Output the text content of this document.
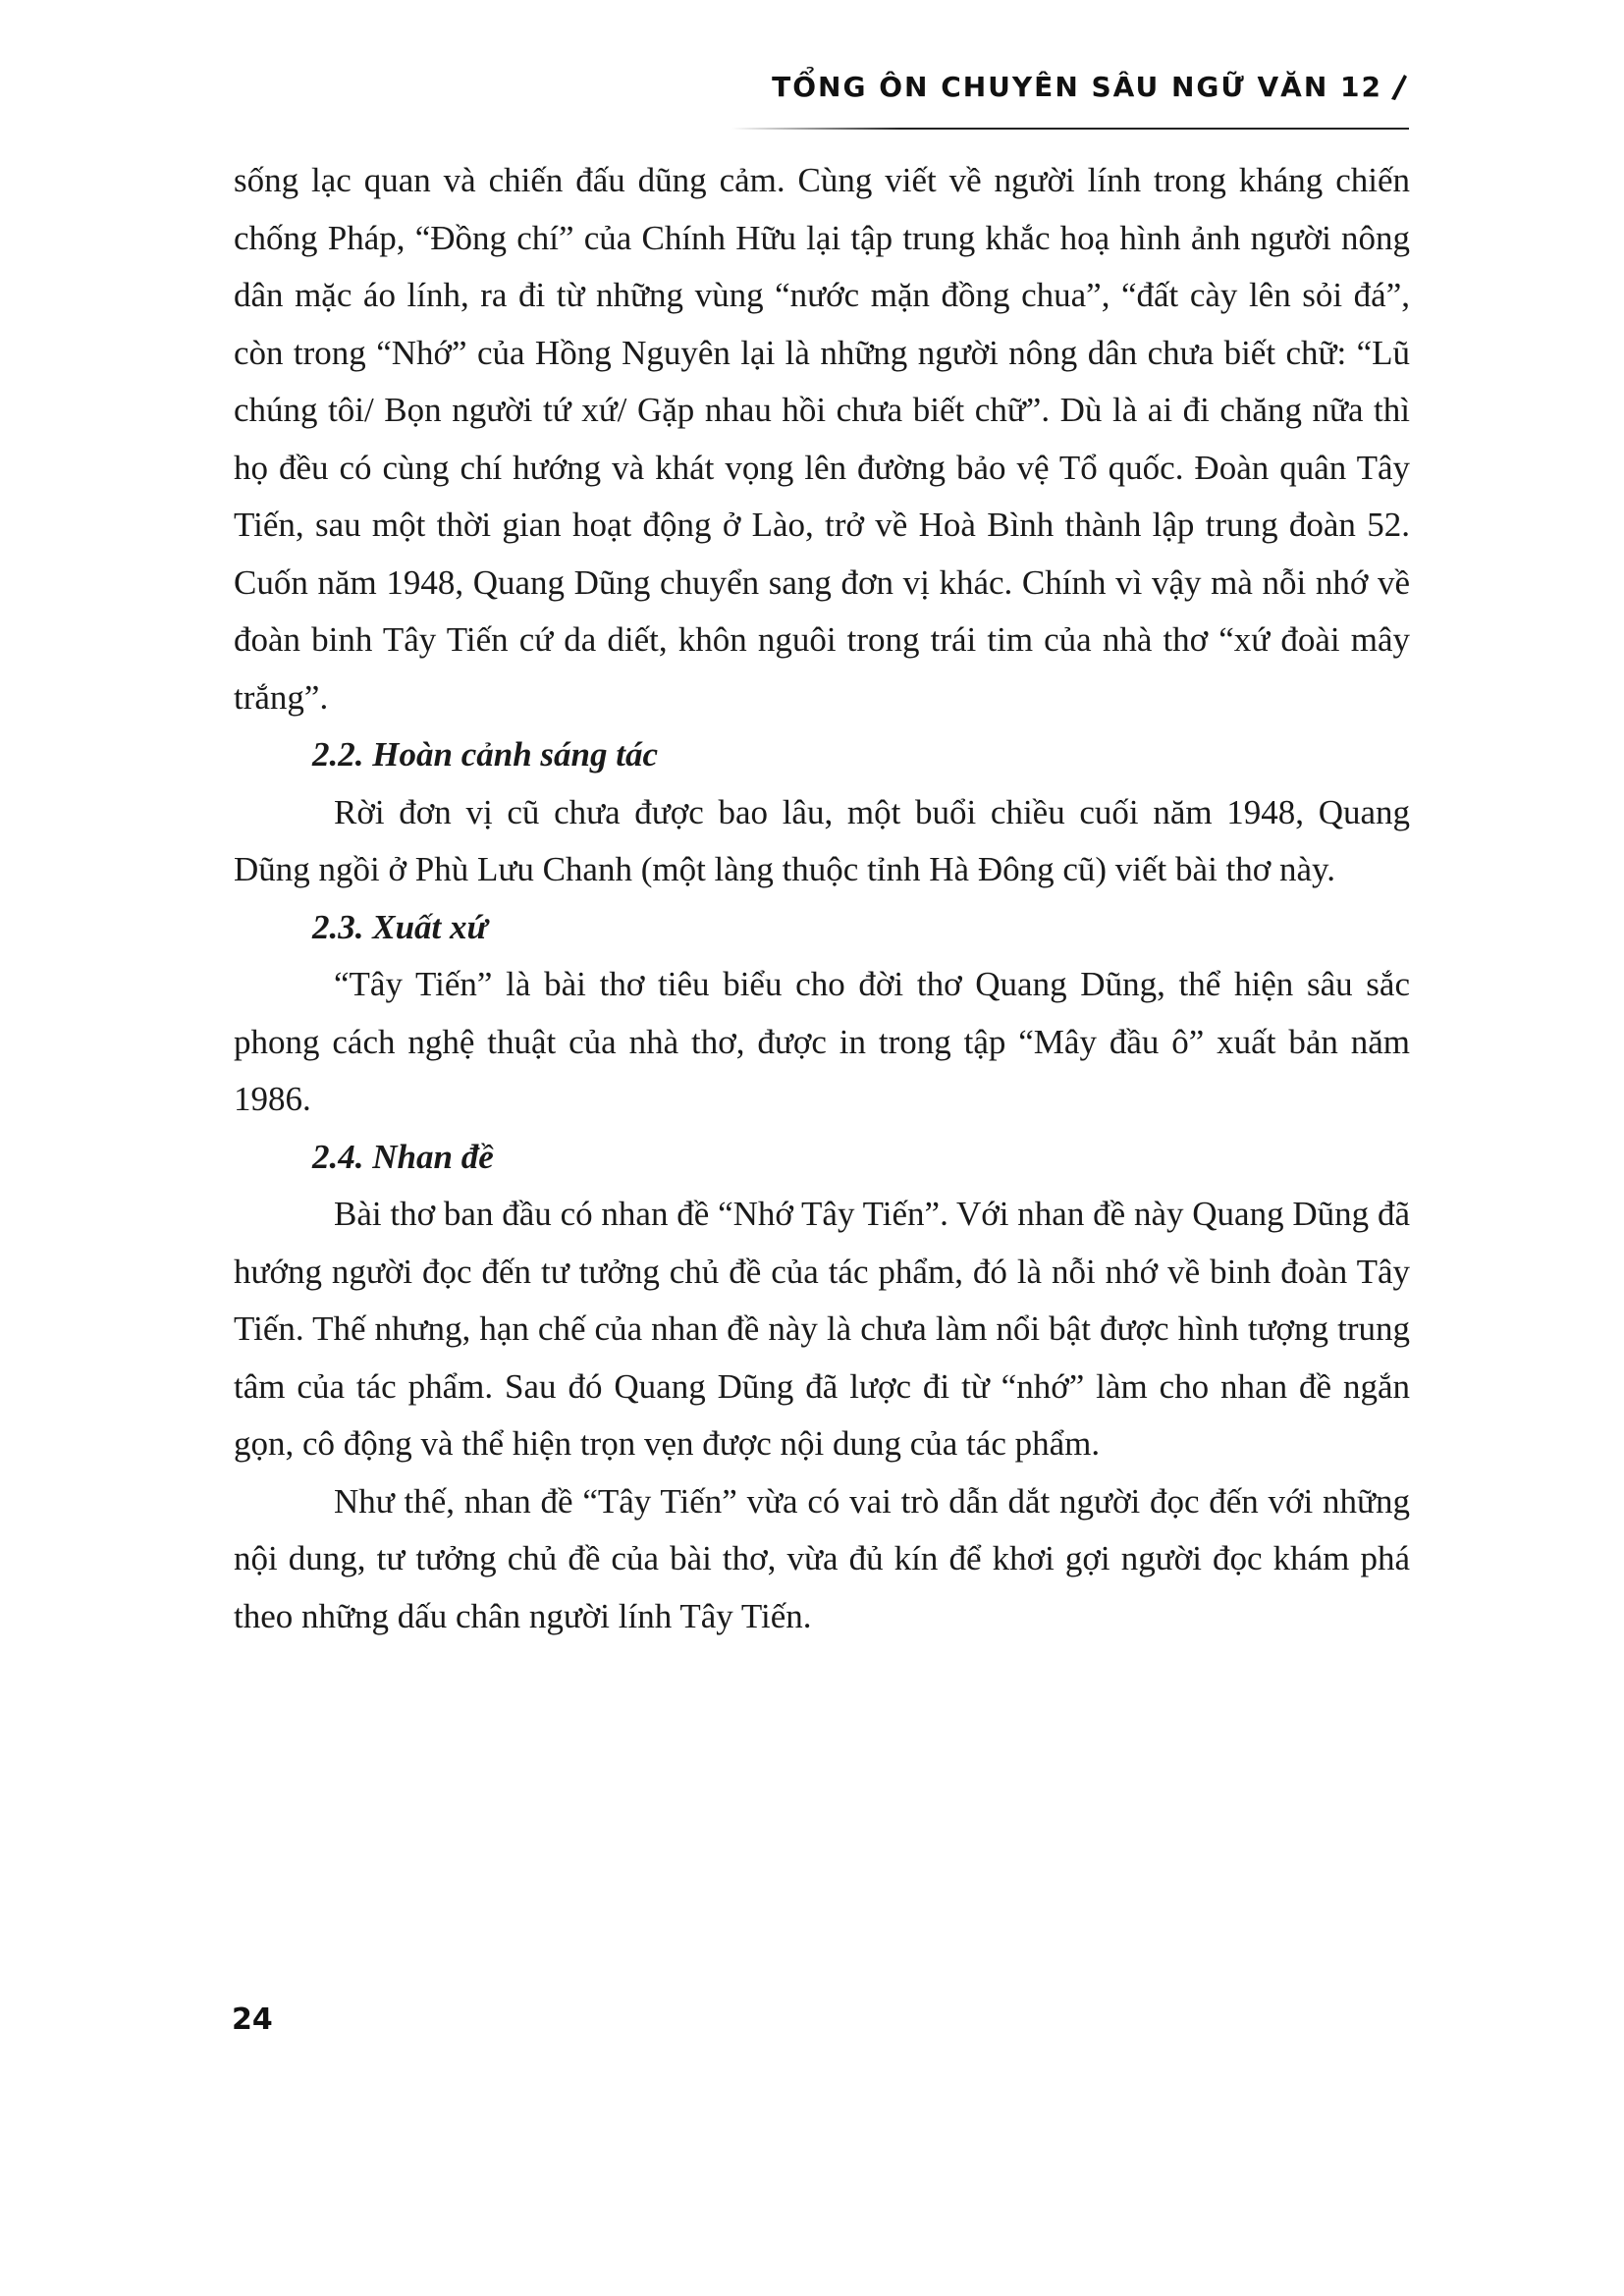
TỔNG ÔN CHUYÊN SÂU NGỮ VĂN 12

sống lạc quan và chiến đấu dũng cảm. Cùng viết về người lính trong kháng chiến chống Pháp, “Đồng chí” của Chính Hữu lại tập trung khắc hoạ hình ảnh người nông dân mặc áo lính, ra đi từ những vùng “nước mặn đồng chua”, “đất cày lên sỏi đá”, còn trong “Nhớ” của Hồng Nguyên lại là những người nông dân chưa biết chữ: “Lũ chúng tôi/ Bọn người tứ xứ/ Gặp nhau hồi chưa biết chữ”. Dù là ai đi chăng nữa thì họ đều có cùng chí hướng và khát vọng lên đường bảo vệ Tổ quốc. Đoàn quân Tây Tiến, sau một thời gian hoạt động ở Lào, trở về Hoà Bình thành lập trung đoàn 52. Cuốn năm 1948, Quang Dũng chuyển sang đơn vị khác. Chính vì vậy mà nỗi nhớ về đoàn binh Tây Tiến cứ da diết, khôn nguôi trong trái tim của nhà thơ “xứ đoài mây trắng”.

2.2. Hoàn cảnh sáng tác

Rời đơn vị cũ chưa được bao lâu, một buổi chiều cuối năm 1948, Quang Dũng ngồi ở Phù Lưu Chanh (một làng thuộc tỉnh Hà Đông cũ) viết bài thơ này.

2.3. Xuất xứ

“Tây Tiến” là bài thơ tiêu biểu cho đời thơ Quang Dũng, thể hiện sâu sắc phong cách nghệ thuật của nhà thơ, được in trong tập “Mây đầu ô” xuất bản năm 1986.

2.4. Nhan đề

Bài thơ ban đầu có nhan đề “Nhớ Tây Tiến”. Với nhan đề này Quang Dũng đã hướng người đọc đến tư tưởng chủ đề của tác phẩm, đó là nỗi nhớ về binh đoàn Tây Tiến. Thế nhưng, hạn chế của nhan đề này là chưa làm nổi bật được hình tượng trung tâm của tác phẩm. Sau đó Quang Dũng đã lược đi từ “nhớ” làm cho nhan đề ngắn gọn, cô động và thể hiện trọn vẹn được nội dung của tác phẩm.

Như thế, nhan đề “Tây Tiến” vừa có vai trò dẫn dắt người đọc đến với những nội dung, tư tưởng chủ đề của bài thơ, vừa đủ kín để khơi gợi người đọc khám phá theo những dấu chân người lính Tây Tiến.

24
